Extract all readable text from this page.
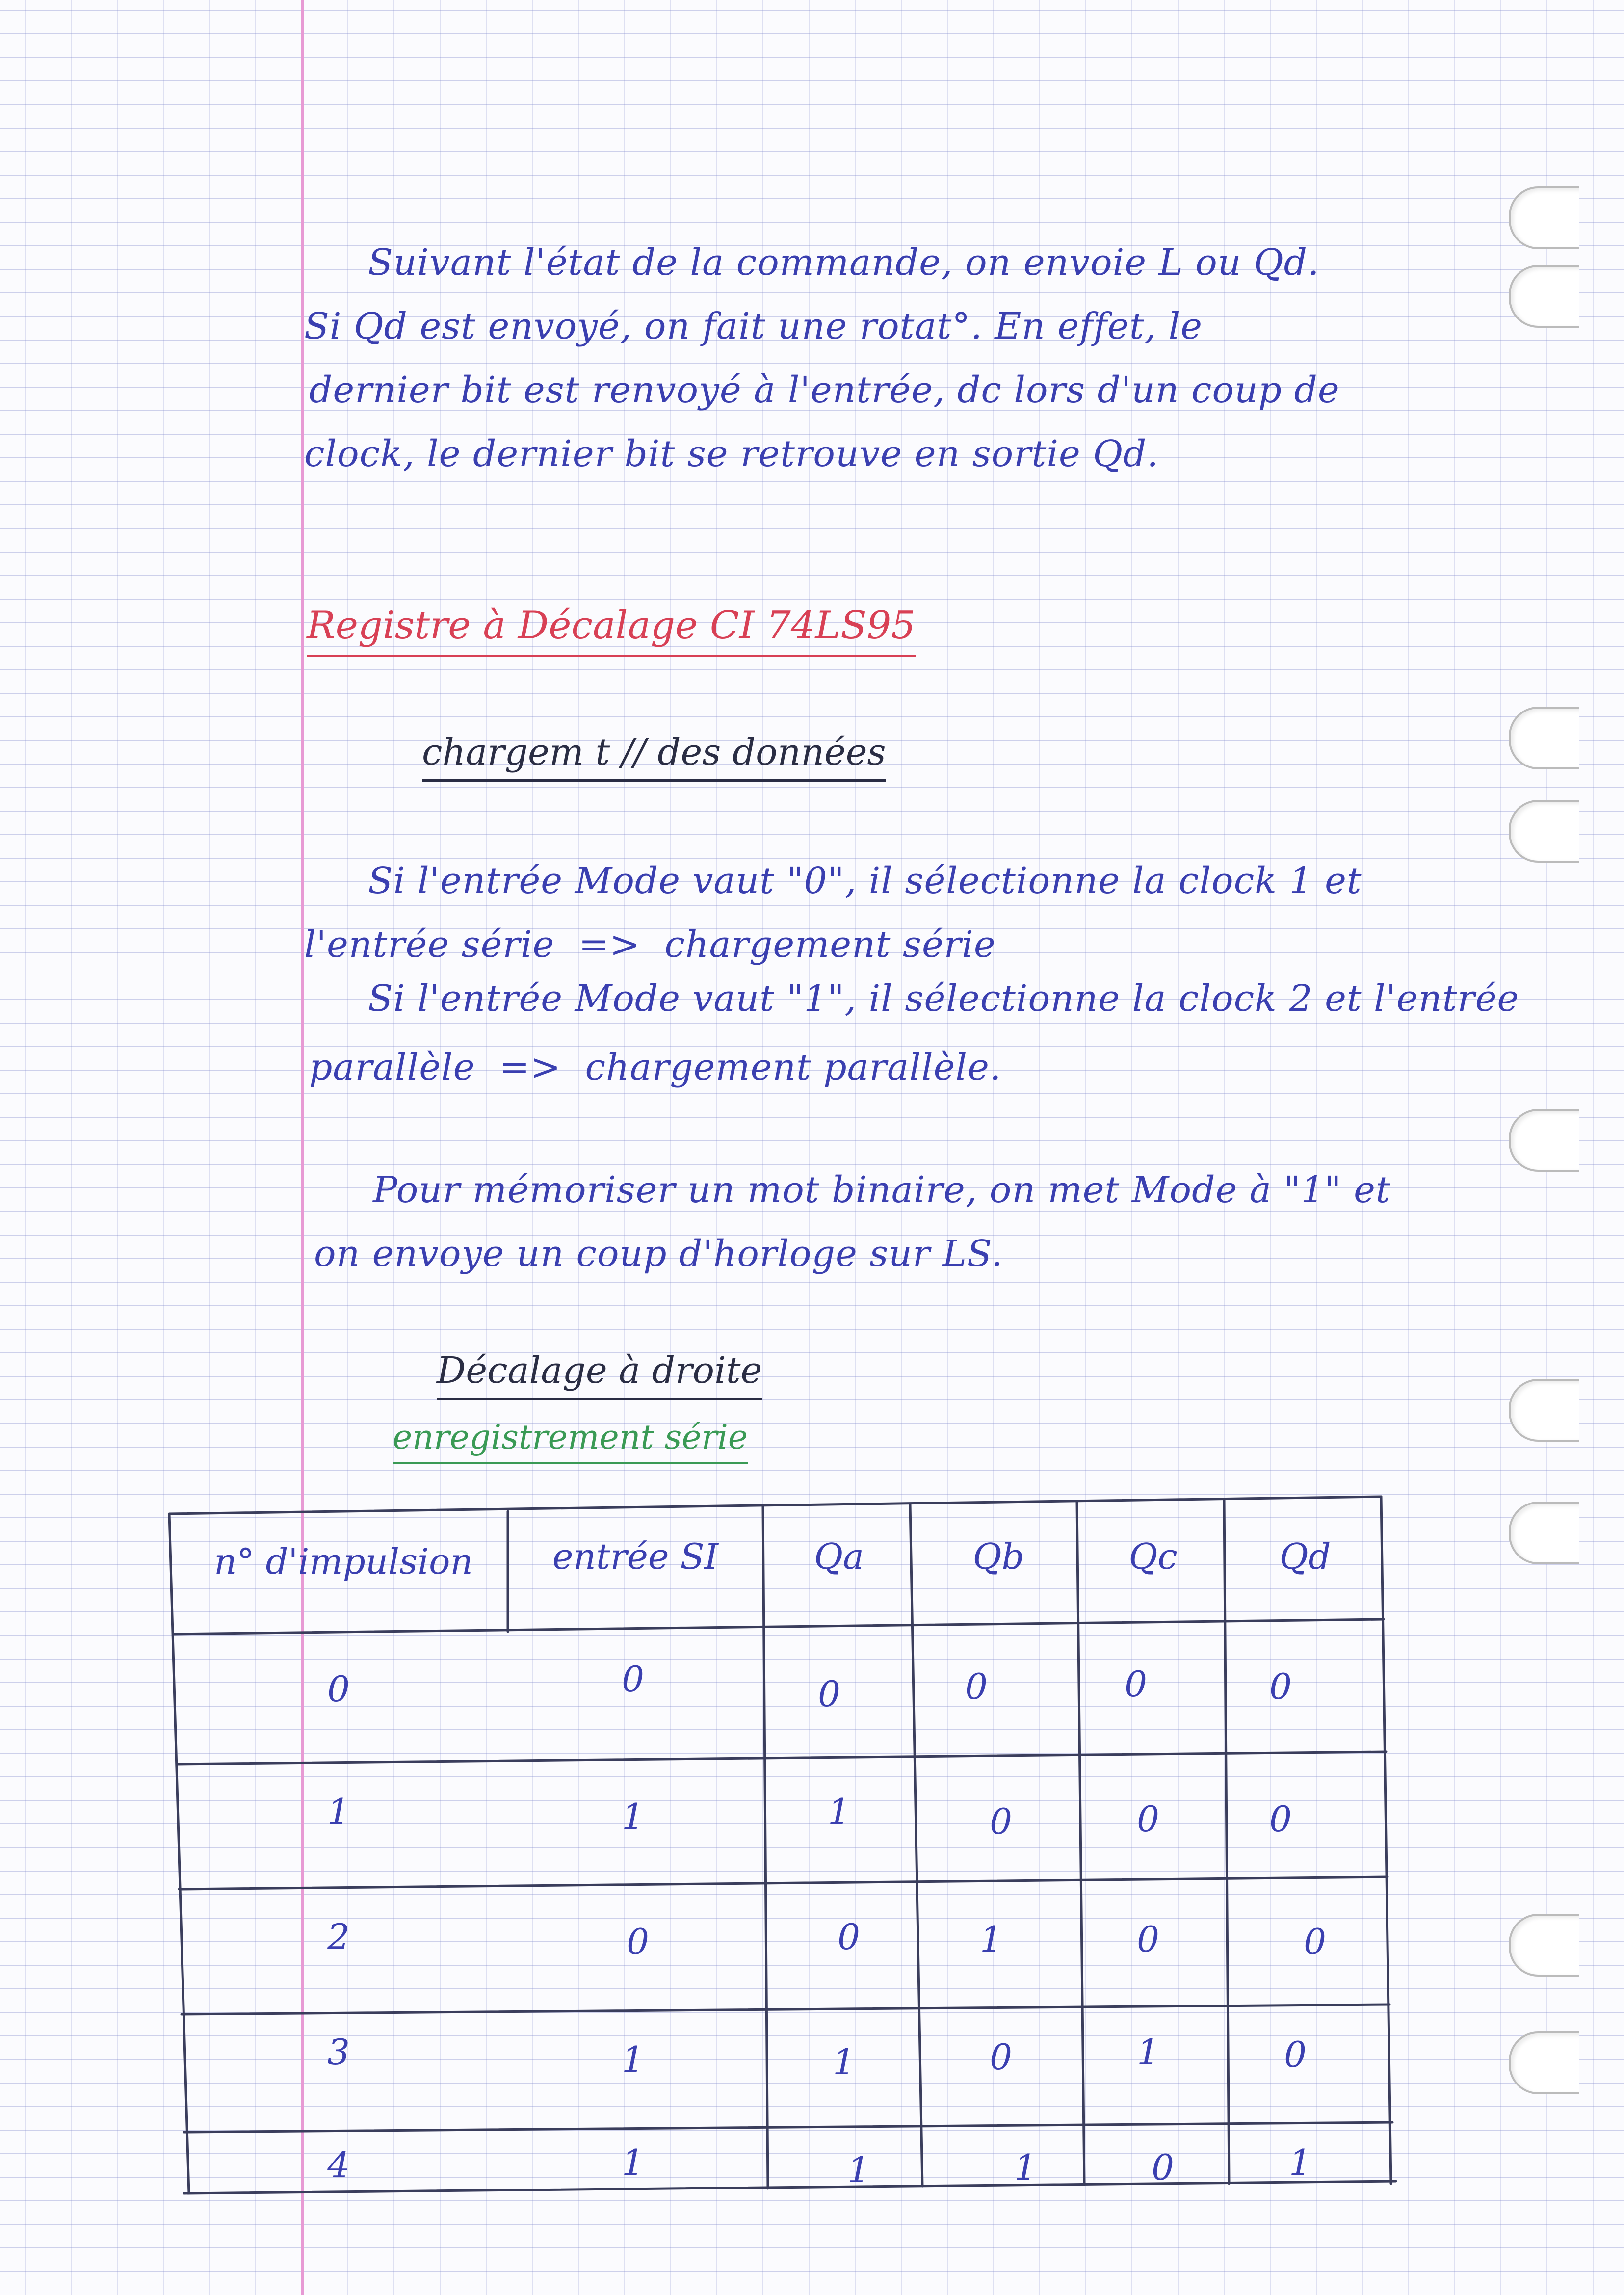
Suivant l'état de la commande, on envoie L ou Qd.
Si Qd est envoyé, on fait une rotat°. En effet, le
dernier bit est renvoyé à l'entrée, dc lors d'un coup de
clock, le dernier bit se retrouve en sortie Qd.
Registre à Décalage CI 74LS95
chargem t // des données
Si l'entrée Mode vaut "0", il sélectionne la clock 1 et
l'entrée série  =>  chargement série
Si l'entrée Mode vaut "1", il sélectionne la clock 2 et l'entrée
parallèle  =>  chargement parallèle.
Pour mémoriser un mot binaire, on met Mode à "1" et
on envoye un coup d'horloge sur LS.
Décalage à droite
enregistrement série
n° d'impulsion	entrée SI	Qa	Qb	Qc	Qd
0	0	0	0	0	0
1	1	1	0	0	0
2	0	0	1	0	0
3	1	1	0	1	0
4	1	1	1	0	1
